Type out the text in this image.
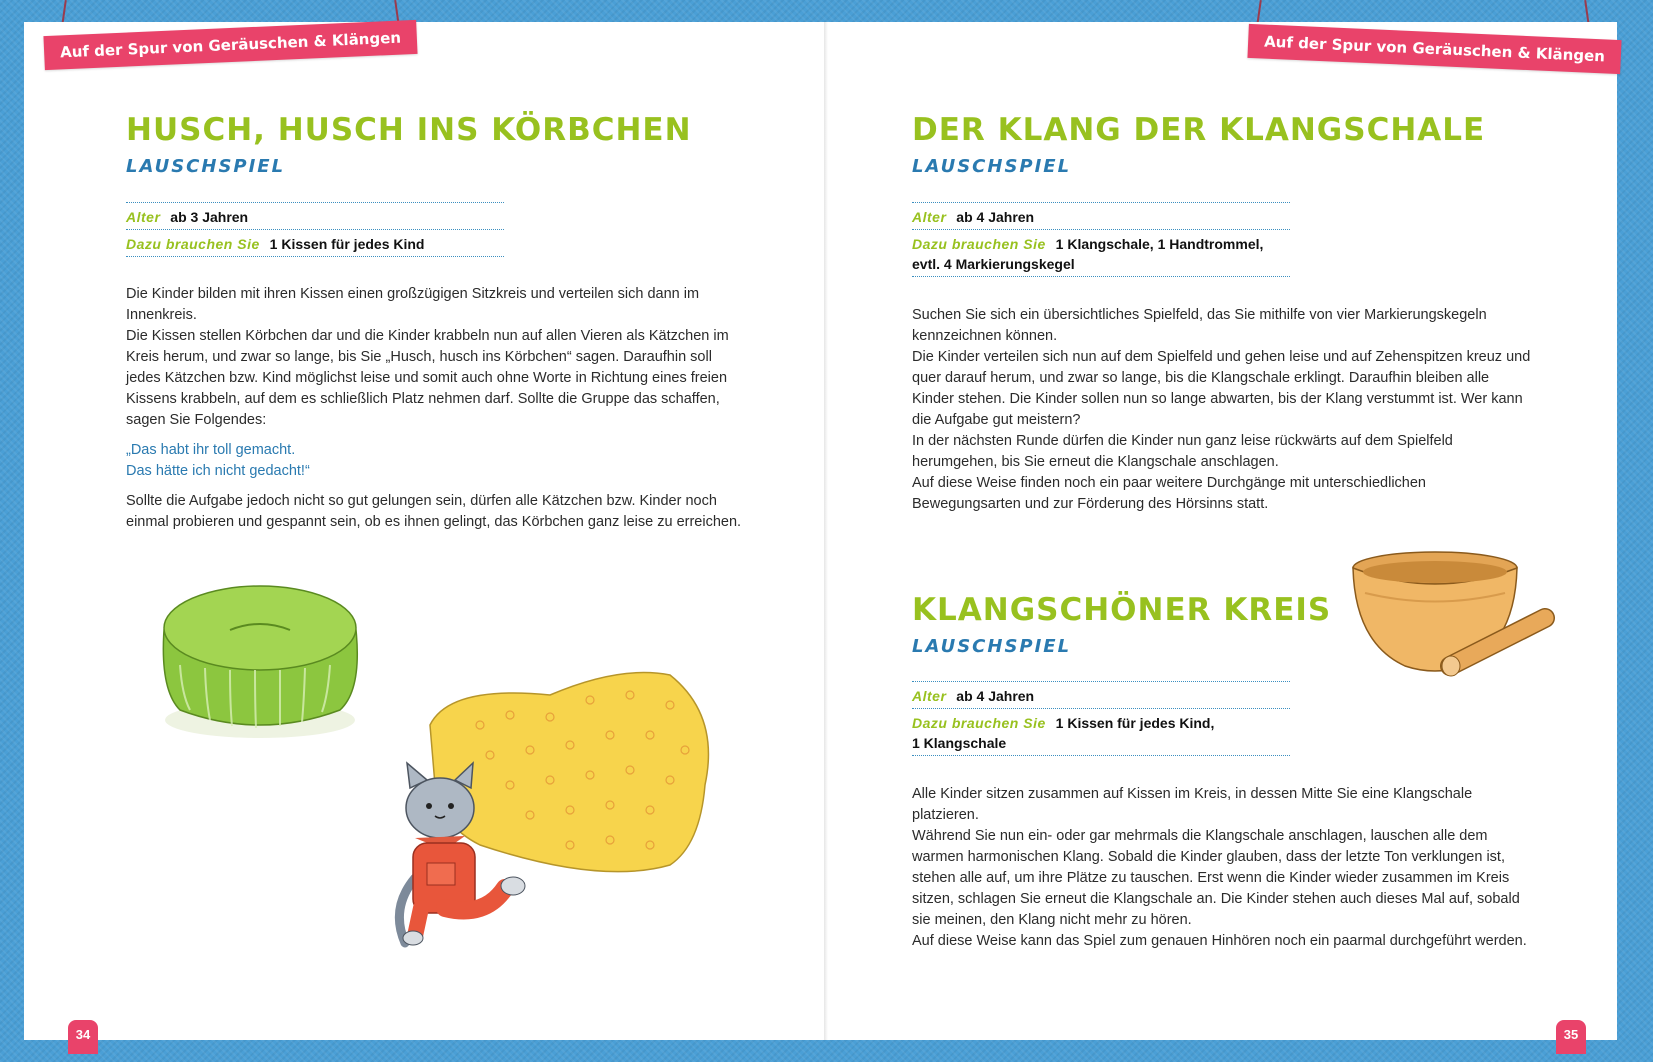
Auf der Spur von Geräuschen & Klängen	Auf der Spur von Geräuschen & Klängen
HUSCH, HUSCH INS KÖRBCHEN
LAUSCHSPIEL
Alter ab 3 Jahren
Dazu brauchen Sie 1 Kissen für jedes Kind

Die Kinder bilden mit ihren Kissen einen großzügigen Sitzkreis und verteilen sich dann im Innenkreis.

Die Kissen stellen Körbchen dar und die Kinder krabbeln nun auf allen Vieren als Kätzchen im Kreis herum, und zwar so lange, bis Sie „Husch, husch ins Körbchen“ sagen. Daraufhin soll jedes Kätzchen bzw. Kind möglichst leise und somit auch ohne Worte in Richtung eines freien Kissens krabbeln, auf dem es schließlich Platz nehmen darf. Sollte die Gruppe das schaffen, sagen Sie Folgendes:

„Das habt ihr toll gemacht.

Das hätte ich nicht gedacht!“

Sollte die Aufgabe jedoch nicht so gut gelungen sein, dürfen alle Kätzchen bzw. Kinder noch einmal probieren und gespannt sein, ob es ihnen gelingt, das Körbchen ganz leise zu erreichen.

34
DER KLANG DER KLANGSCHALE
LAUSCHSPIEL
Alter ab 4 Jahren
Dazu brauchen Sie 1 Klangschale, 1 Handtrommel,
evtl. 4 Markierungskegel

Suchen Sie sich ein übersichtliches Spielfeld, das Sie mithilfe von vier Markierungskegeln kennzeichnen können.

Die Kinder verteilen sich nun auf dem Spielfeld und gehen leise und auf Zehenspitzen kreuz und quer darauf herum, und zwar so lange, bis die Klangschale erklingt. Daraufhin bleiben alle Kinder stehen. Die Kinder sollen nun so lange abwarten, bis der Klang verstummt ist. Wer kann die Aufgabe gut meistern?

In der nächsten Runde dürfen die Kinder nun ganz leise rückwärts auf dem Spielfeld herumgehen, bis Sie erneut die Klangschale anschlagen.

Auf diese Weise finden noch ein paar weitere Durchgänge mit unterschiedlichen Bewegungsarten und zur Förderung des Hörsinns statt.

KLANGSCHÖNER KREIS
LAUSCHSPIEL
Alter ab 4 Jahren
Dazu brauchen Sie 1 Kissen für jedes Kind,
1 Klangschale

Alle Kinder sitzen zusammen auf Kissen im Kreis, in dessen Mitte Sie eine Klangschale platzieren.

Während Sie nun ein- oder gar mehrmals die Klangschale anschlagen, lauschen alle dem warmen harmonischen Klang. Sobald die Kinder glauben, dass der letzte Ton verklungen ist, stehen alle auf, um ihre Plätze zu tauschen. Erst wenn die Kinder wieder zusammen im Kreis sitzen, schlagen Sie erneut die Klangschale an. Die Kinder stehen auch dieses Mal auf, sobald sie meinen, den Klang nicht mehr zu hören.

Auf diese Weise kann das Spiel zum genauen Hinhören noch ein paarmal durchgeführt werden.

35
